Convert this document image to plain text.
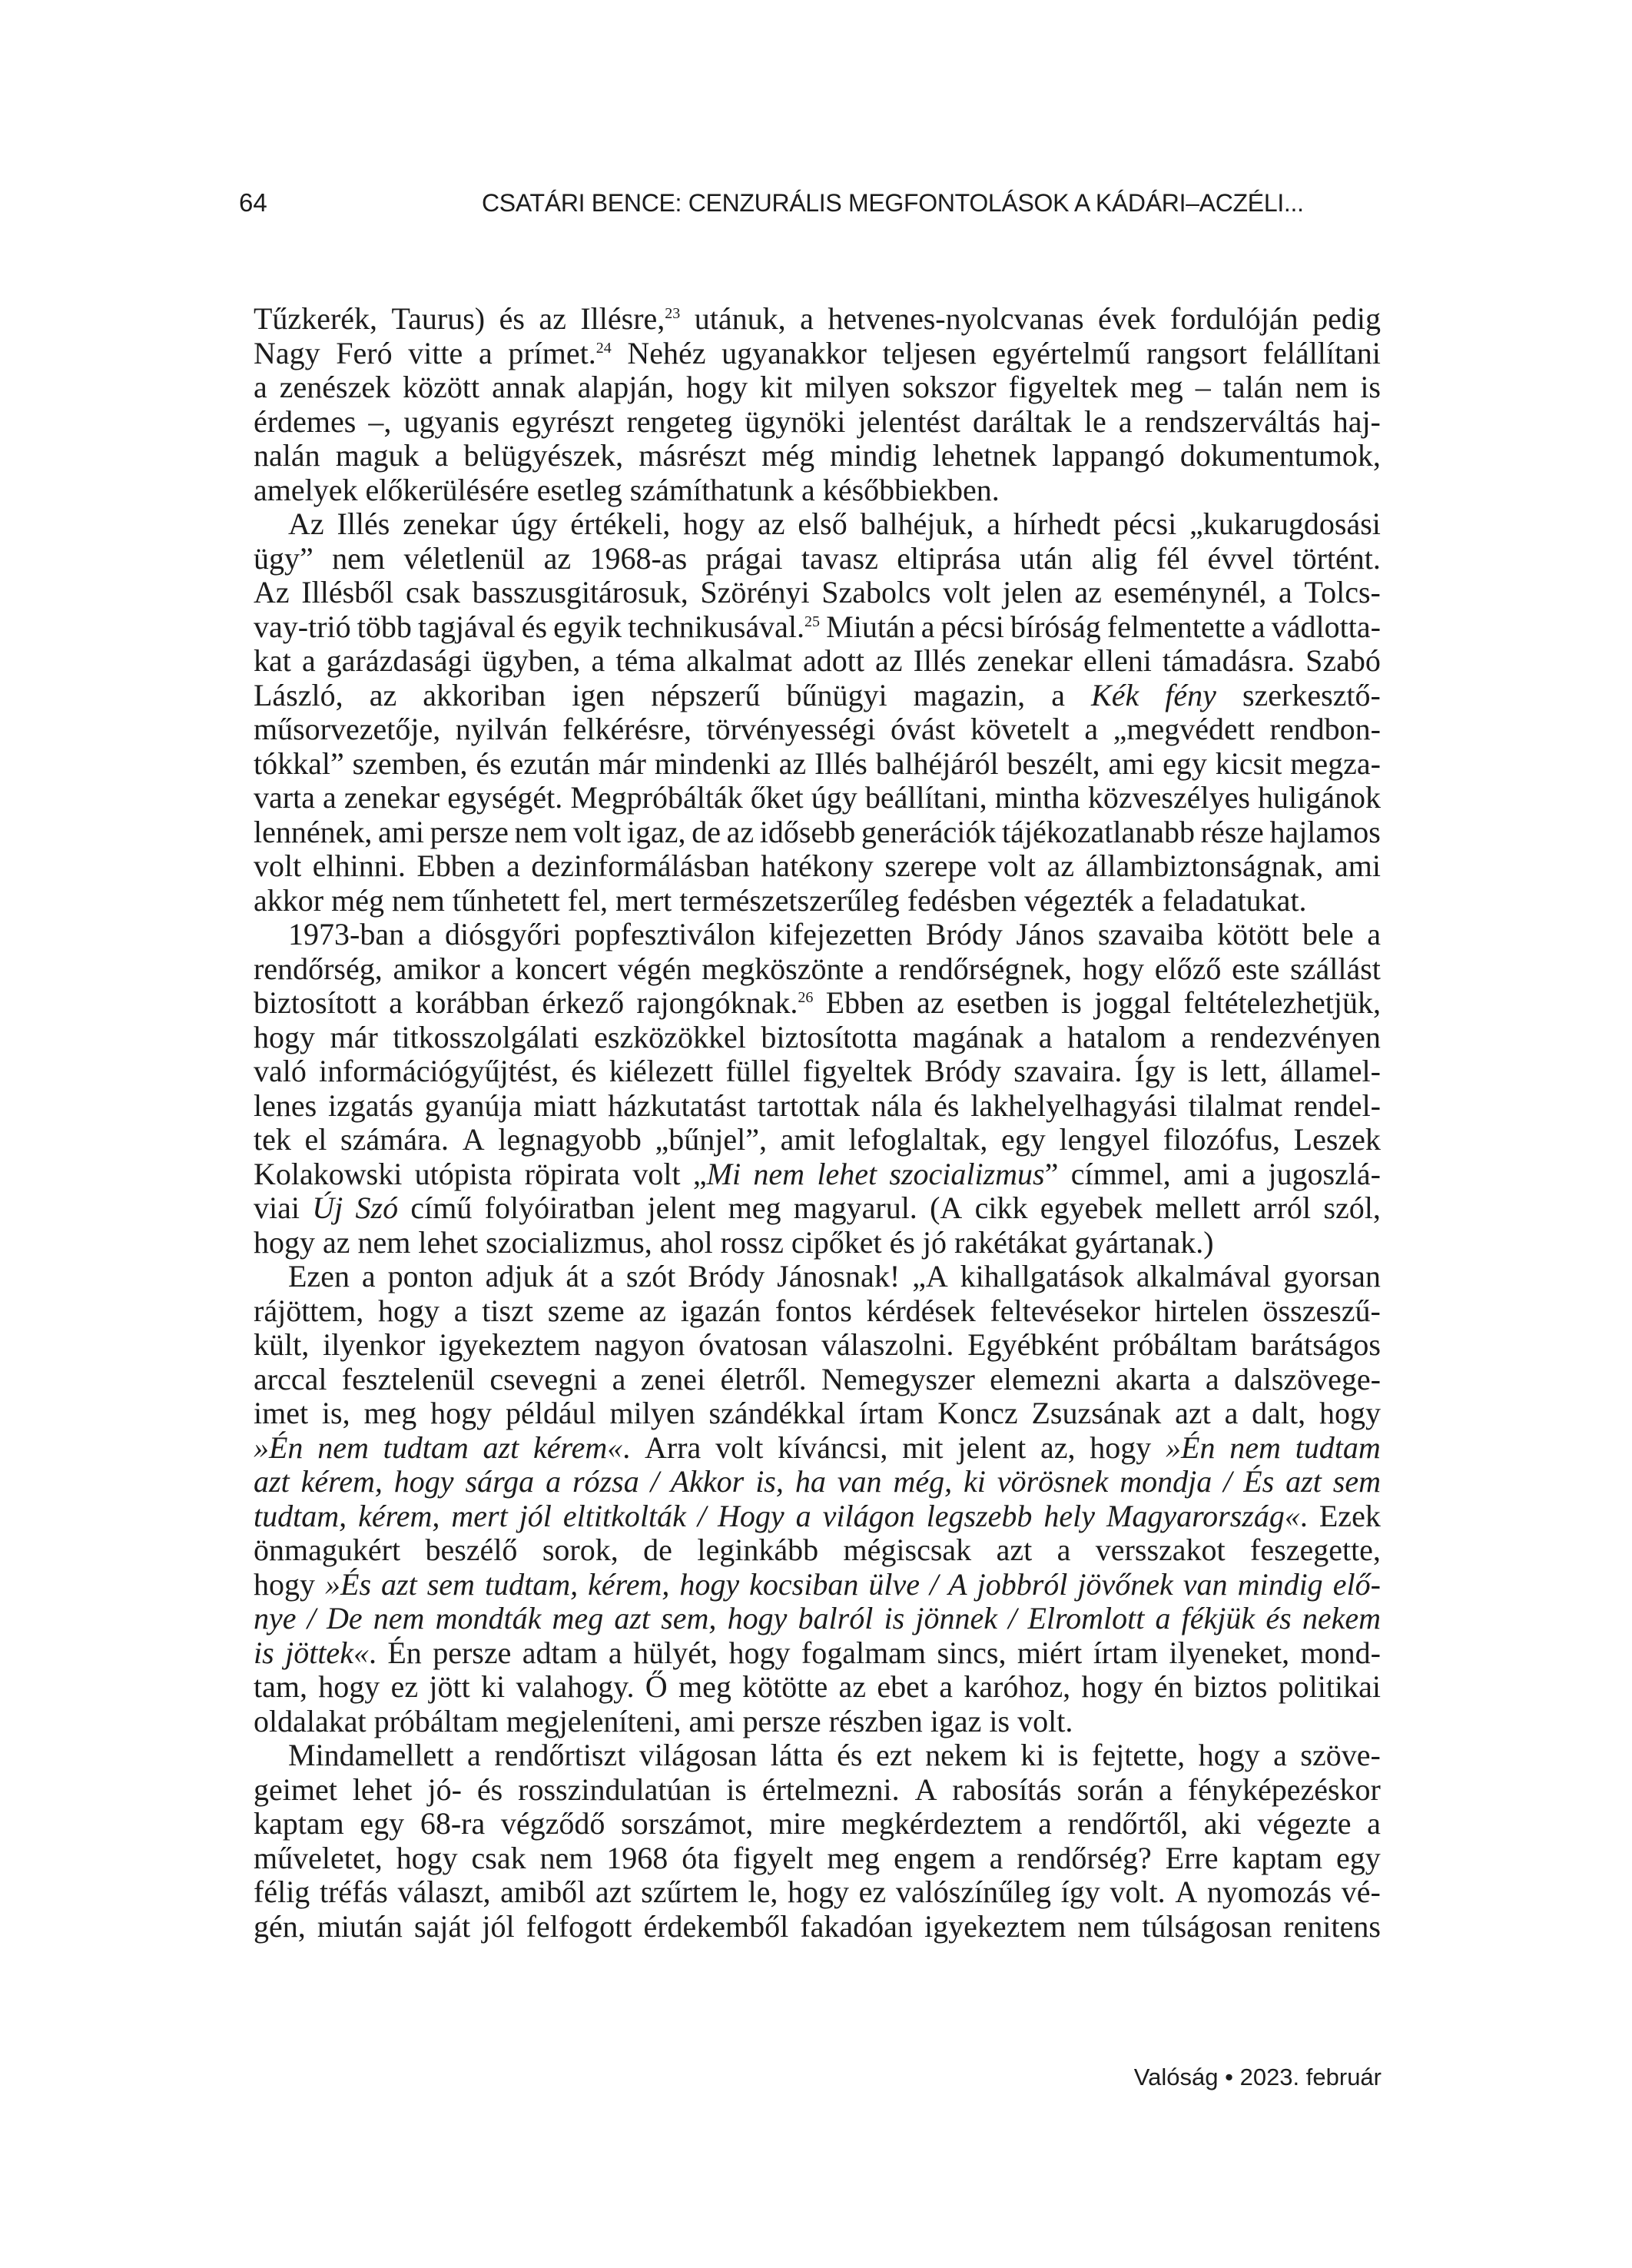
64	CSATÁRI BENCE: CENZURÁLIS MEGFONTOLÁSOK A KÁDÁRI–ACZÉLI...
Tűzkerék, Taurus) és az Illésre,$^{23}$ utánuk, a hetvenes-nyolcvanas évek fordulóján pedig
Nagy Feró vitte a prímet.$^{24}$ Nehéz ugyanakkor teljesen egyértelmű rangsort felállítani
a zenészek között annak alapján, hogy kit milyen sokszor figyeltek meg – talán nem is
érdemes –, ugyanis egyrészt rengeteg ügynöki jelentést daráltak le a rendszerváltás haj-
nalán maguk a belügyészek, másrészt még mindig lehetnek lappangó dokumentumok,
amelyek előkerülésére esetleg számíthatunk a későbbiekben.
Az Illés zenekar úgy értékeli, hogy az első balhéjuk, a hírhedt pécsi „kukarugdosási
ügy” nem véletlenül az 1968-as prágai tavasz eltiprása után alig fél évvel történt.
Az Illésből csak basszusgitárosuk, Szörényi Szabolcs volt jelen az eseménynél, a Tolcs-
vay-trió több tagjával és egyik technikusával.$^{25}$ Miután a pécsi bíróság felmentette a vádlotta-
kat a garázdasági ügyben, a téma alkalmat adott az Illés zenekar elleni támadásra. Szabó
László, az akkoriban igen népszerű bűnügyi magazin, a Kék fény szerkesztő-
műsorvezetője, nyilván felkérésre, törvényességi óvást követelt a „megvédett rendbon-
tókkal” szemben, és ezután már mindenki az Illés balhéjáról beszélt, ami egy kicsit megza-
varta a zenekar egységét. Megpróbálták őket úgy beállítani, mintha közveszélyes huligánok
lennének, ami persze nem volt igaz, de az idősebb generációk tájékozatlanabb része hajlamos
volt elhinni. Ebben a dezinformálásban hatékony szerepe volt az állambiztonságnak, ami
akkor még nem tűnhetett fel, mert természetszerűleg fedésben végezték a feladatukat.
1973-ban a diósgyőri popfesztiválon kifejezetten Bródy János szavaiba kötött bele a
rendőrség, amikor a koncert végén megköszönte a rendőrségnek, hogy előző este szállást
biztosított a korábban érkező rajongóknak.$^{26}$ Ebben az esetben is joggal feltételezhetjük,
hogy már titkosszolgálati eszközökkel biztosította magának a hatalom a rendezvényen
való információgyűjtést, és kiélezett füllel figyeltek Bródy szavaira. Így is lett, államel-
lenes izgatás gyanúja miatt házkutatást tartottak nála és lakhelyelhagyási tilalmat rendel-
tek el számára. A legnagyobb „bűnjel”, amit lefoglaltak, egy lengyel filozófus, Leszek
Kolakowski utópista röpirata volt „Mi nem lehet szocializmus” címmel, ami a jugoszlá-
viai Új Szó című folyóiratban jelent meg magyarul. (A cikk egyebek mellett arról szól,
hogy az nem lehet szocializmus, ahol rossz cipőket és jó rakétákat gyártanak.)
Ezen a ponton adjuk át a szót Bródy Jánosnak! „A kihallgatások alkalmával gyorsan
rájöttem, hogy a tiszt szeme az igazán fontos kérdések feltevésekor hirtelen összeszű-
kült, ilyenkor igyekeztem nagyon óvatosan válaszolni. Egyébként próbáltam barátságos
arccal fesztelenül csevegni a zenei életről. Nemegyszer elemezni akarta a dalszövege-
imet is, meg hogy például milyen szándékkal írtam Koncz Zsuzsának azt a dalt, hogy
»Én nem tudtam azt kérem«. Arra volt kíváncsi, mit jelent az, hogy »Én nem tudtam
azt kérem, hogy sárga a rózsa / Akkor is, ha van még, ki vörösnek mondja / És azt sem
tudtam, kérem, mert jól eltitkolták / Hogy a világon legszebb hely Magyarország«. Ezek
önmagukért beszélő sorok, de leginkább mégiscsak azt a versszakot feszegette,
hogy »És azt sem tudtam, kérem, hogy kocsiban ülve / A jobbról jövőnek van mindig elő-
nye / De nem mondták meg azt sem, hogy balról is jönnek / Elromlott a fékjük és nekem
is jöttek«. Én persze adtam a hülyét, hogy fogalmam sincs, miért írtam ilyeneket, mond-
tam, hogy ez jött ki valahogy. Ő meg kötötte az ebet a karóhoz, hogy én biztos politikai
oldalakat próbáltam megjeleníteni, ami persze részben igaz is volt.
Mindamellett a rendőrtiszt világosan látta és ezt nekem ki is fejtette, hogy a szöve-
geimet lehet jó- és rosszindulatúan is értelmezni. A rabosítás során a fényképezéskor
kaptam egy 68-ra végződő sorszámot, mire megkérdeztem a rendőrtől, aki végezte a
műveletet, hogy csak nem 1968 óta figyelt meg engem a rendőrség? Erre kaptam egy
félig tréfás választ, amiből azt szűrtem le, hogy ez valószínűleg így volt. A nyomozás vé-
gén, miután saját jól felfogott érdekemből fakadóan igyekeztem nem túlságosan renitens
Valóság • 2023. február
